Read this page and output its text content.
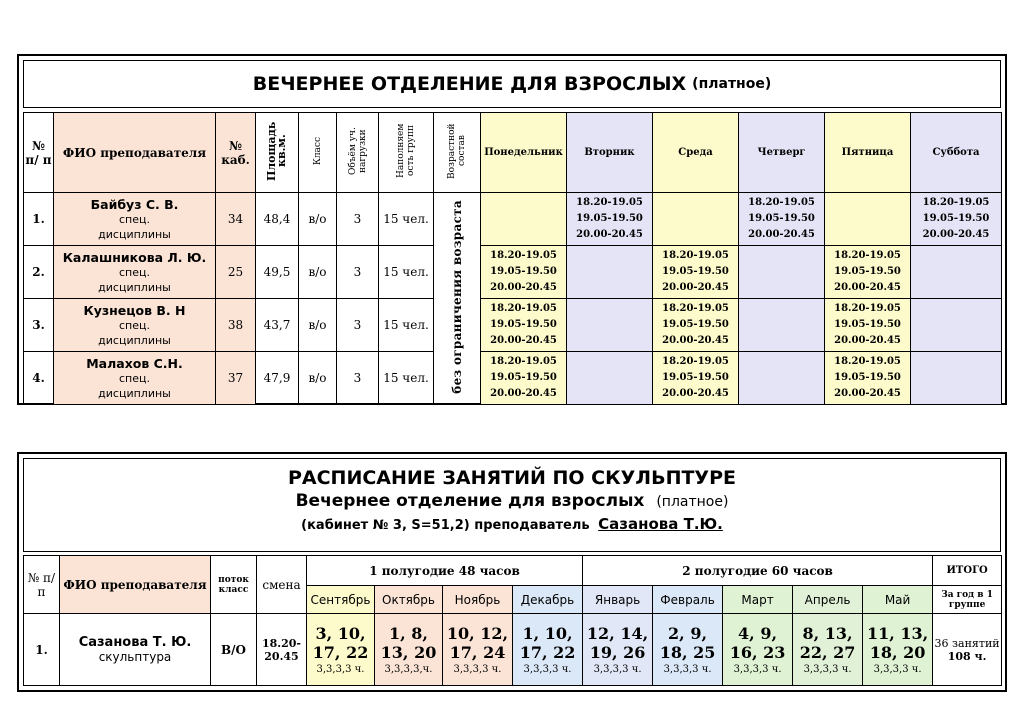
ВЕЧЕРНЕЕ ОТДЕЛЕНИЕ ДЛЯ ВЗРОСЛЫХ (платное)
№ п/ п	ФИО преподавателя	№ каб.	Площадь кв.м.	Класс	Объём уч. нагрузки	Наполняем ость групп	Возрастной состав	Понедельник	Вторник	Среда	Четверг	Пятница	Суббота
1.	Байбуз С. В.
спец.
дисциплины	34	48,4	в/о	3	15 чел.	без ограничения возраста		18.20-19.05
19.05-19.50
20.00-20.45		18.20-19.05
19.05-19.50
20.00-20.45		18.20-19.05
19.05-19.50
20.00-20.45

2.	Калашникова Л. Ю.
спец.
дисциплины	25	49,5	в/о	3	15 чел.		18.20-19.05
19.05-19.50
20.00-20.45		18.20-19.05
19.05-19.50
20.00-20.45		18.20-19.05
19.05-19.50
20.00-20.45	

3.	Кузнецов В. Н
спец.
дисциплины	38	43,7	в/о	3	15 чел.		18.20-19.05
19.05-19.50
20.00-20.45		18.20-19.05
19.05-19.50
20.00-20.45		18.20-19.05
19.05-19.50
20.00-20.45	

4.	Малахов С.Н.
спец.
дисциплины	37	47,9	в/о	3	15 чел.		18.20-19.05
19.05-19.50
20.00-20.45		18.20-19.05
19.05-19.50
20.00-20.45		18.20-19.05
19.05-19.50
20.00-20.45	

РАСПИСАНИЕ ЗАНЯТИЙ ПО СКУЛЬПТУРЕ
Вечернее отделение для взрослых (платное)
(кабинет № 3, S=51,2) преподаватель Сазанова Т.Ю.
№ п/п	ФИО преподавателя	поток класс	смена	1 полугодие 48 часов				2 полугодие 60 часов					ИТОГО
				Сентябрь	Октябрь	Ноябрь	Декабрь	Январь	Февраль	Март	Апрель	Май	За год в 1 группе
1.	Сазанова Т. Ю.
скульптура	В/О	18.20- 20.45	3, 10, 17, 22
3,3,3,3 ч.	1, 8, 13, 20
3,3,3,3,ч.	10, 12, 17, 24
3,3,3,3 ч.	1, 10, 17, 22
3,3,3,3 ч.	12, 14, 19, 26
3,3,3,3 ч.	2, 9, 18, 25
3,3,3,3 ч.	4, 9, 16, 23
3,3,3,3 ч.	8, 13, 22, 27
3,3,3,3 ч.	11, 13, 18, 20
3,3,3,3 ч.	36 занятий
108 ч.
